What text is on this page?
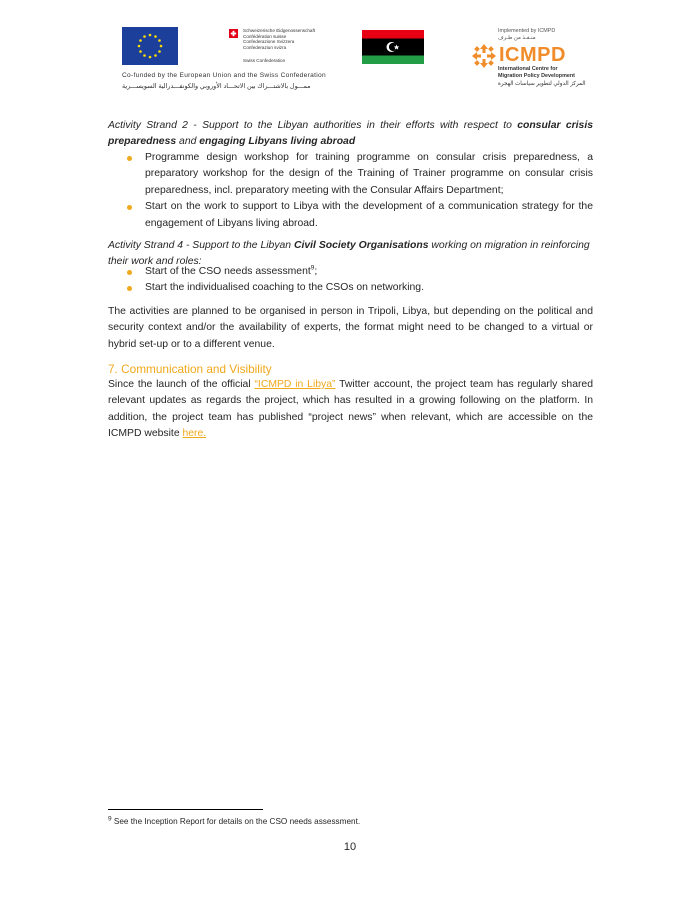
Schweizerische Eidgenossenschaft
Confédération suisse
Confederazione Svizzera
Confederaziun svizra
Swiss Confederation
Co-funded by the European Union and the Swiss Confederation
ممـــول بالاشتـــراك بين الاتحـــاد الأوروبي والكونفـــدرالية السويســـرية
Implemented by ICMPD
منـفـذ من طـرف
ICMPD
International Centre for
Migration Policy Development
المركز الدولي لتطوير سياسات الهجرة

Activity Strand 2 - Support to the Libyan authorities in their efforts with respect to consular crisis preparedness and engaging Libyans living abroad

Programme design workshop for training programme on consular crisis preparedness, a preparatory workshop for the design of the Training of Trainer programme on consular crisis preparedness, incl. preparatory meeting with the Consular Affairs Department;
Start on the work to support to Libya with the development of a communication strategy for the engagement of Libyans living abroad.

Activity Strand 4 - Support to the Libyan Civil Society Organisations working on migration in reinforcing their work and roles:

Start of the CSO needs assessment$^9$;
Start the individualised coaching to the CSOs on networking.

The activities are planned to be organised in person in Tripoli, Libya, but depending on the political and security context and/or the availability of experts, the format might need to be changed to a virtual or hybrid set-up or to a different venue.

7. Communication and Visibility

Since the launch of the official “ICMPD in Libya” Twitter account, the project team has regularly shared relevant updates as regards the project, which has resulted in a growing following on the platform. In addition, the project team has published “project news” when relevant, which are accessible on the ICMPD website here.

$^9$ See the Inception Report for details on the CSO needs assessment.
10
